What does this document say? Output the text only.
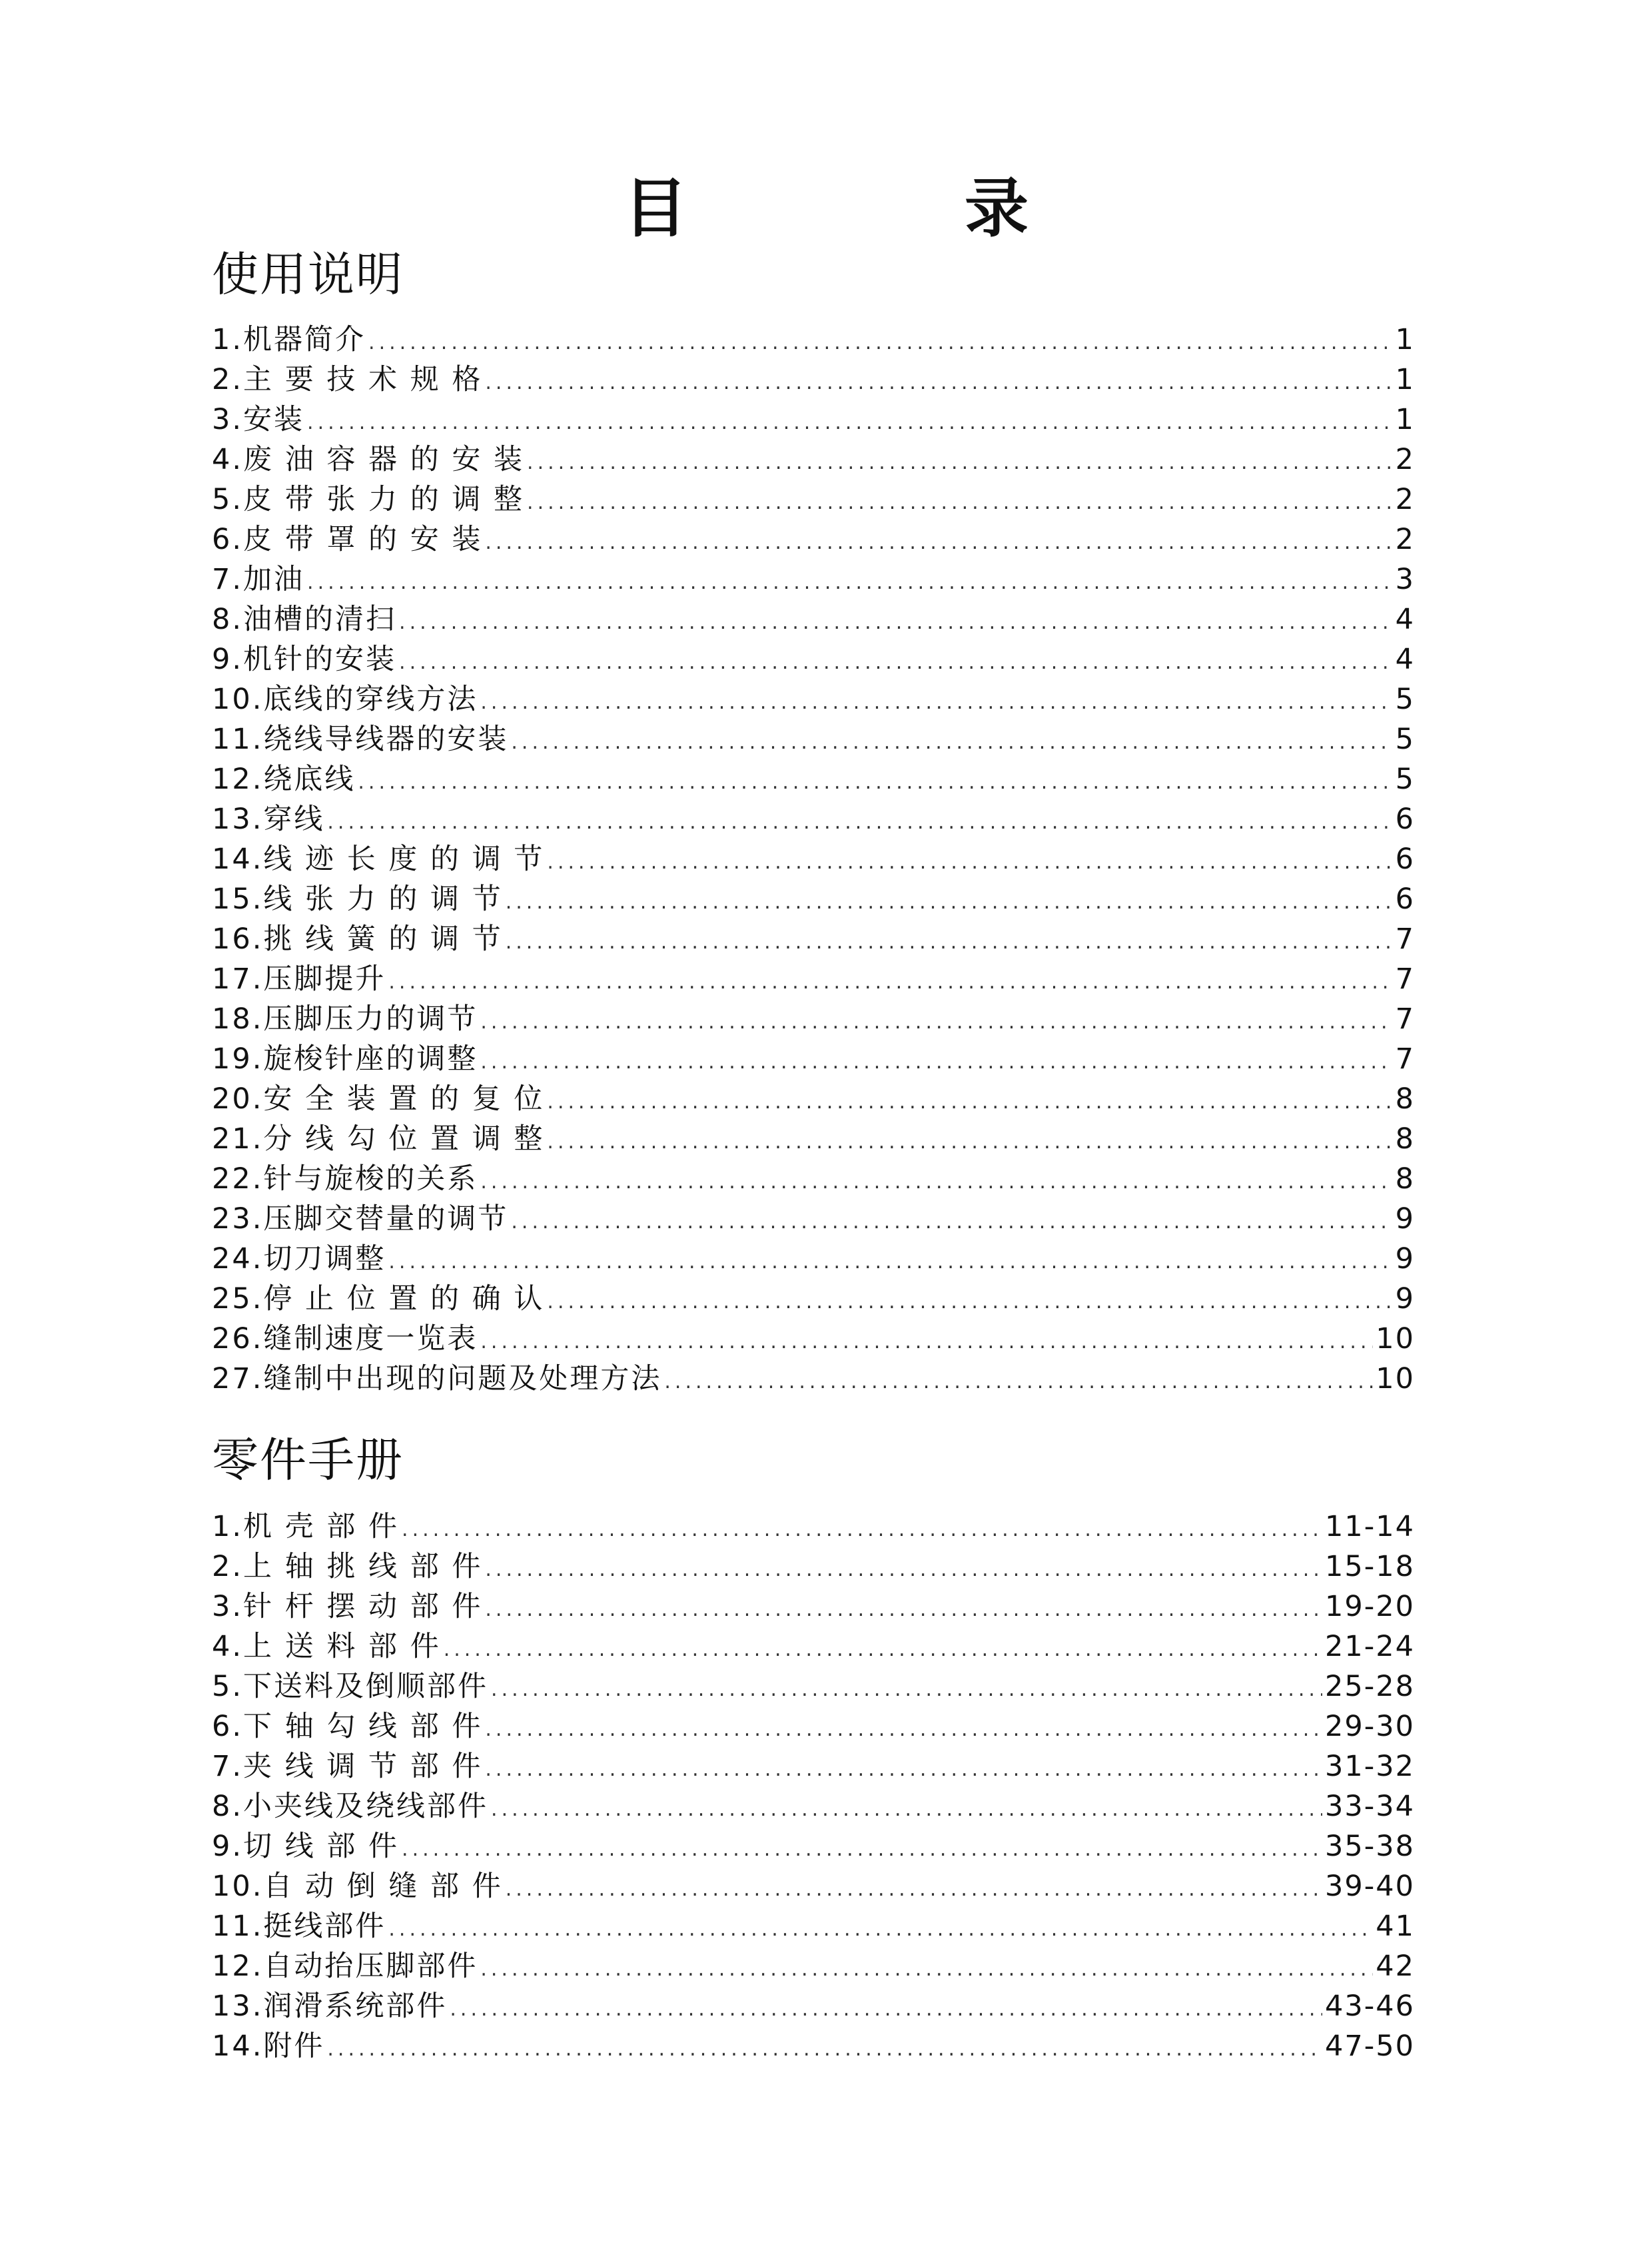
目　录
使用说明
1.机器简介 .....	1
2.主 要 技 术 规 格 .....	1
3.安装 .....	1
4.废 油 容 器 的 安 装 .....	2
5.皮 带 张 力 的 调 整 .....	2
6.皮 带 罩 的 安 装 .....	2
7.加油 .....	3
8.油槽的清扫 .....	4
9.机针的安装 .....	4
10.底线的穿线方法 .....	5
11.绕线导线器的安装 .....	5
12.绕底线 .....	5
13.穿线 .....	6
14.线 迹 长 度 的 调 节 .....	6
15.线 张 力 的 调 节 .....	6
16.挑 线 簧 的 调 节 .....	7
17.压脚提升 .....	7
18.压脚压力的调节 .....	7
19.旋梭针座的调整 .....	7
20.安 全 装 置 的 复 位 .....	8
21.分 线 勾 位 置 调 整 .....	8
22.针与旋梭的关系 .....	8
23.压脚交替量的调节 .....	9
24.切刀调整 .....	9
25.停 止 位 置 的 确 认 .....	9
26.缝制速度一览表 .....	10
27.缝制中出现的问题及处理方法 .....	10
零件手册
1.机 壳 部 件 .....	11-14
2.上 轴 挑 线 部 件 .....	15-18
3.针 杆 摆 动 部 件 .....	19-20
4.上 送 料 部 件 .....	21-24
5.下送料及倒顺部件 .....	25-28
6.下 轴 勾 线 部 件 .....	29-30
7.夹 线 调 节 部 件 .....	31-32
8.小夹线及绕线部件 .....	33-34
9.切 线 部 件 .....	35-38
10.自 动 倒 缝 部 件 .....	39-40
11.挺线部件 .....	41
12.自动抬压脚部件 .....	42
13.润滑系统部件 .....	43-46
14.附件 .....	47-50
